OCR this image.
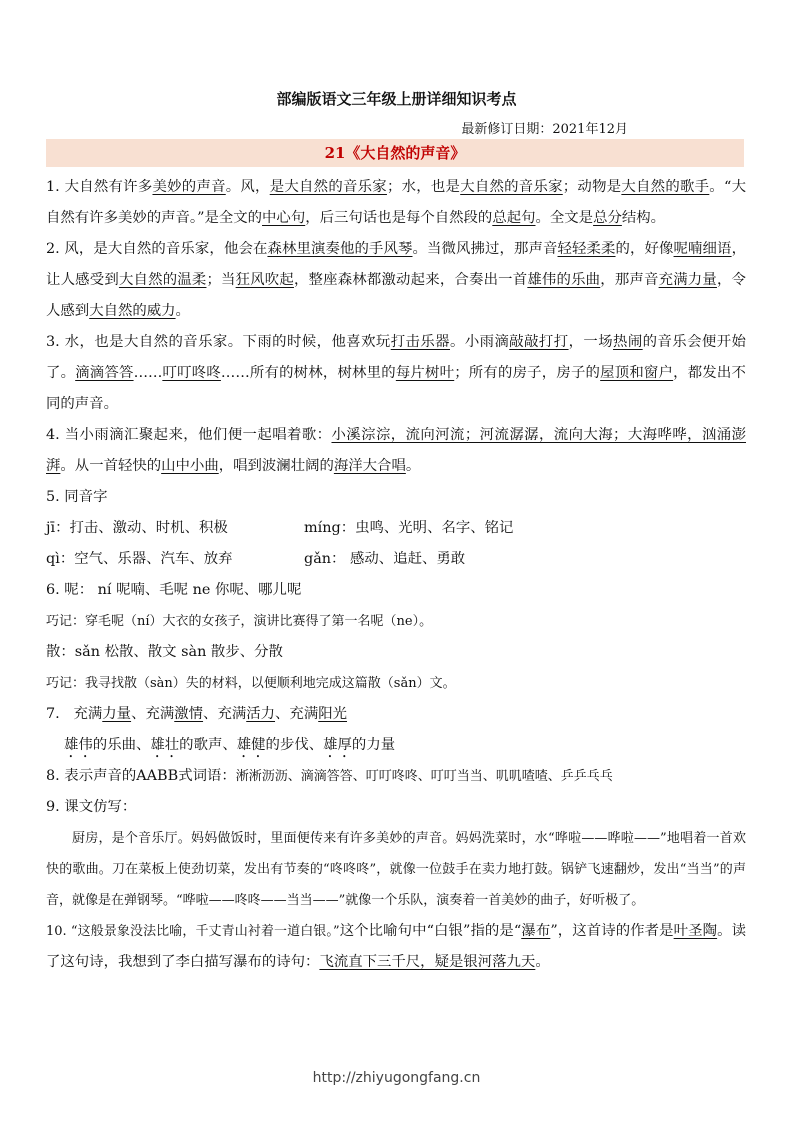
部编版语文三年级上册详细知识考点
最新修订日期：2021年12月
21《大自然的声音》
1. 大自然有许多美妙的声音。风，是大自然的音乐家；水，也是大自然的音乐家；动物是大自然的歌手。“大自然有许多美妙的声音。”是全文的中心句，后三句话也是每个自然段的总起句。全文是总分结构。
2. 风，是大自然的音乐家，他会在森林里演奏他的手风琴。当微风拂过，那声音轻轻柔柔的，好像呢喃细语，让人感受到大自然的温柔；当狂风吹起，整座森林都激动起来，合奏出一首雄伟的乐曲，那声音充满力量，令人感到大自然的威力。
3. 水，也是大自然的音乐家。下雨的时候，他喜欢玩打击乐器。小雨滴敲敲打打，一场热闹的音乐会便开始了。滴滴答答……叮叮咚咚……所有的树林，树林里的每片树叶；所有的房子，房子的屋顶和窗户，都发出不同的声音。
4. 当小雨滴汇聚起来，他们便一起唱着歌：小溪淙淙，流向河流；河流潺潺，流向大海；大海哗哗，汹涌澎湃。从一首轻快的山中小曲，唱到波澜壮阔的海洋大合唱。
5. 同音字
jī：打击、激动、时机、积极	míng：虫鸣、光明、名字、铭记
qì：空气、乐器、汽车、放弃	gǎn： 感动、追赶、勇敢
6. 呢： ní 呢喃、毛呢 ne 你呢、哪儿呢
巧记：穿毛呢（ní）大衣的女孩子，演讲比赛得了第一名呢（ne）。
散：sǎn 松散、散文 sàn 散步、分散
巧记：我寻找散（sàn）失的材料，以便顺利地完成这篇散（sǎn）文。
7. 充满力量、充满激情、充满活力、充满阳光
雄伟的乐曲、雄壮的歌声、雄健的步伐、雄厚的力量
8. 表示声音的AABB式词语：淅淅沥沥、滴滴答答、叮叮咚咚、叮叮当当、叽叽喳喳、乒乒乓乓
9. 课文仿写：
厨房，是个音乐厅。妈妈做饭时，里面便传来有许多美妙的声音。妈妈洗菜时，水“哗啦——哗啦——”地唱着一首欢快的歌曲。刀在菜板上使劲切菜，发出有节奏的“咚咚咚”，就像一位鼓手在卖力地打鼓。锅铲飞速翻炒，发出“当当”的声音，就像是在弹钢琴。“哗啦——咚咚——当当——”就像一个乐队，演奏着一首美妙的曲子，好听极了。
10. “这般景象没法比喻，千丈青山衬着一道白银。”这个比喻句中“白银”指的是“瀑布”，这首诗的作者是叶圣陶。读了这句诗，我想到了李白描写瀑布的诗句：飞流直下三千尺，疑是银河落九天。
http://zhiyugongfang.cn
